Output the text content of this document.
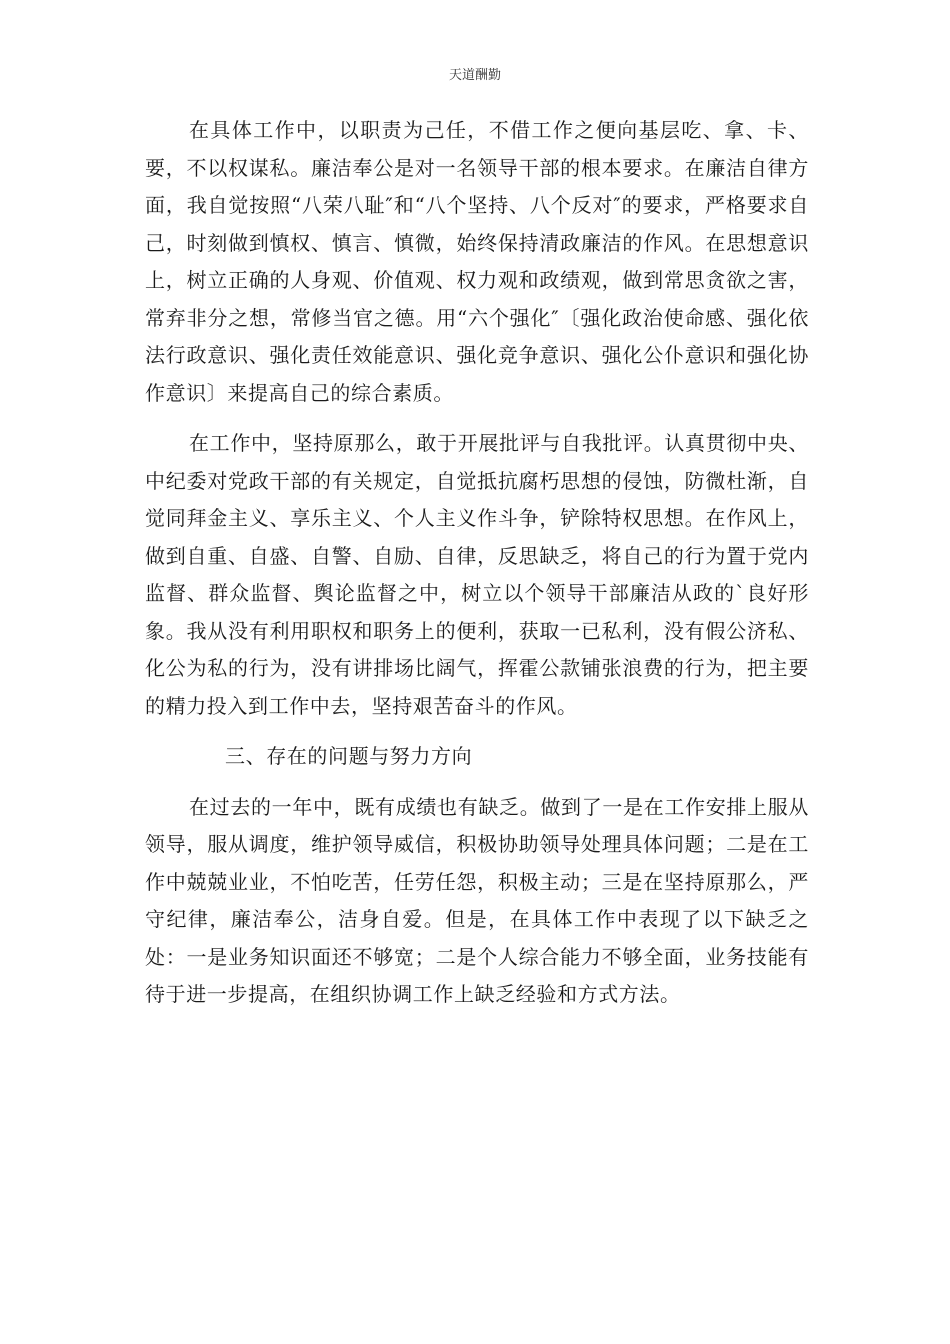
天道酬勤

在具体工作中，以职责为己任，不借工作之便向基层吃、拿、卡、要，不以权谋私。廉洁奉公是对一名领导干部的根本要求。在廉洁自律方面，我自觉按照“八荣八耻″和“八个坚持、八个反对″的要求，严格要求自己，时刻做到慎权、慎言、慎微，始终保持清政廉洁的作风。在思想意识上，树立正确的人身观、价值观、权力观和政绩观，做到常思贪欲之害，常弃非分之想，常修当官之德。用“六个强化″〔强化政治使命感、强化依法行政意识、强化责任效能意识、强化竞争意识、强化公仆意识和强化协作意识〕来提高自己的综合素质。

在工作中，坚持原那么，敢于开展批评与自我批评。认真贯彻中央、中纪委对党政干部的有关规定，自觉抵抗腐朽思想的侵蚀，防微杜渐，自觉同拜金主义、享乐主义、个人主义作斗争，铲除特权思想。在作风上，做到自重、自盛、自警、自励、自律，反思缺乏，将自己的行为置于党内监督、群众监督、舆论监督之中，树立以个领导干部廉洁从政的`良好形象。我从没有利用职权和职务上的便利，获取一已私利，没有假公济私、化公为私的行为，没有讲排场比阔气，挥霍公款铺张浪费的行为，把主要的精力投入到工作中去，坚持艰苦奋斗的作风。

三、存在的问题与努力方向

在过去的一年中，既有成绩也有缺乏。做到了一是在工作安排上服从领导，服从调度，维护领导威信，积极协助领导处理具体问题；二是在工作中兢兢业业，不怕吃苦，任劳任怨，积极主动；三是在坚持原那么，严守纪律，廉洁奉公，洁身自爱。但是，在具体工作中表现了以下缺乏之处：一是业务知识面还不够宽；二是个人综合能力不够全面，业务技能有待于进一步提高，在组织协调工作上缺乏经验和方式方法。
